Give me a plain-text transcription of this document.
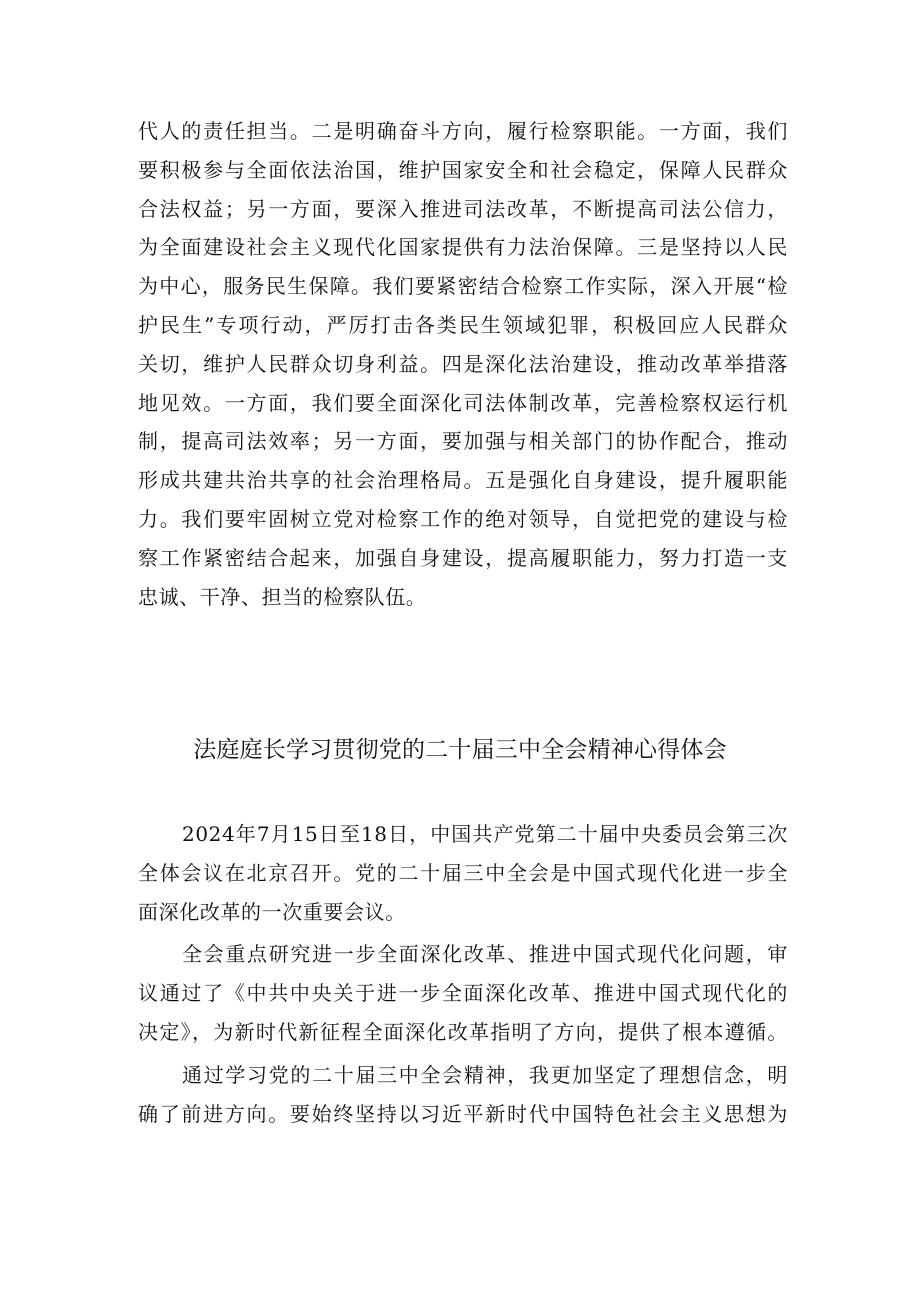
代人的责任担当。二是明确奋斗方向，履行检察职能。一方面，我们
要积极参与全面依法治国，维护国家安全和社会稳定，保障人民群众
合法权益；另一方面，要深入推进司法改革，不断提高司法公信力，
为全面建设社会主义现代化国家提供有力法治保障。三是坚持以人民
为中心，服务民生保障。我们要紧密结合检察工作实际，深入开展“检
护民生”专项行动，严厉打击各类民生领域犯罪，积极回应人民群众
关切，维护人民群众切身利益。四是深化法治建设，推动改革举措落
地见效。一方面，我们要全面深化司法体制改革，完善检察权运行机
制，提高司法效率；另一方面，要加强与相关部门的协作配合，推动
形成共建共治共享的社会治理格局。五是强化自身建设，提升履职能
力。我们要牢固树立党对检察工作的绝对领导，自觉把党的建设与检
察工作紧密结合起来，加强自身建设，提高履职能力，努力打造一支
忠诚、干净、担当的检察队伍。
法庭庭长学习贯彻党的二十届三中全会精神心得体会
2024年7月15日至18日，中国共产党第二十届中央委员会第三次
全体会议在北京召开。党的二十届三中全会是中国式现代化进一步全
面深化改革的一次重要会议。
全会重点研究进一步全面深化改革、推进中国式现代化问题，审
议通过了《中共中央关于进一步全面深化改革、推进中国式现代化的
决定》，为新时代新征程全面深化改革指明了方向，提供了根本遵循。
通过学习党的二十届三中全会精神，我更加坚定了理想信念，明
确了前进方向。要始终坚持以习近平新时代中国特色社会主义思想为
